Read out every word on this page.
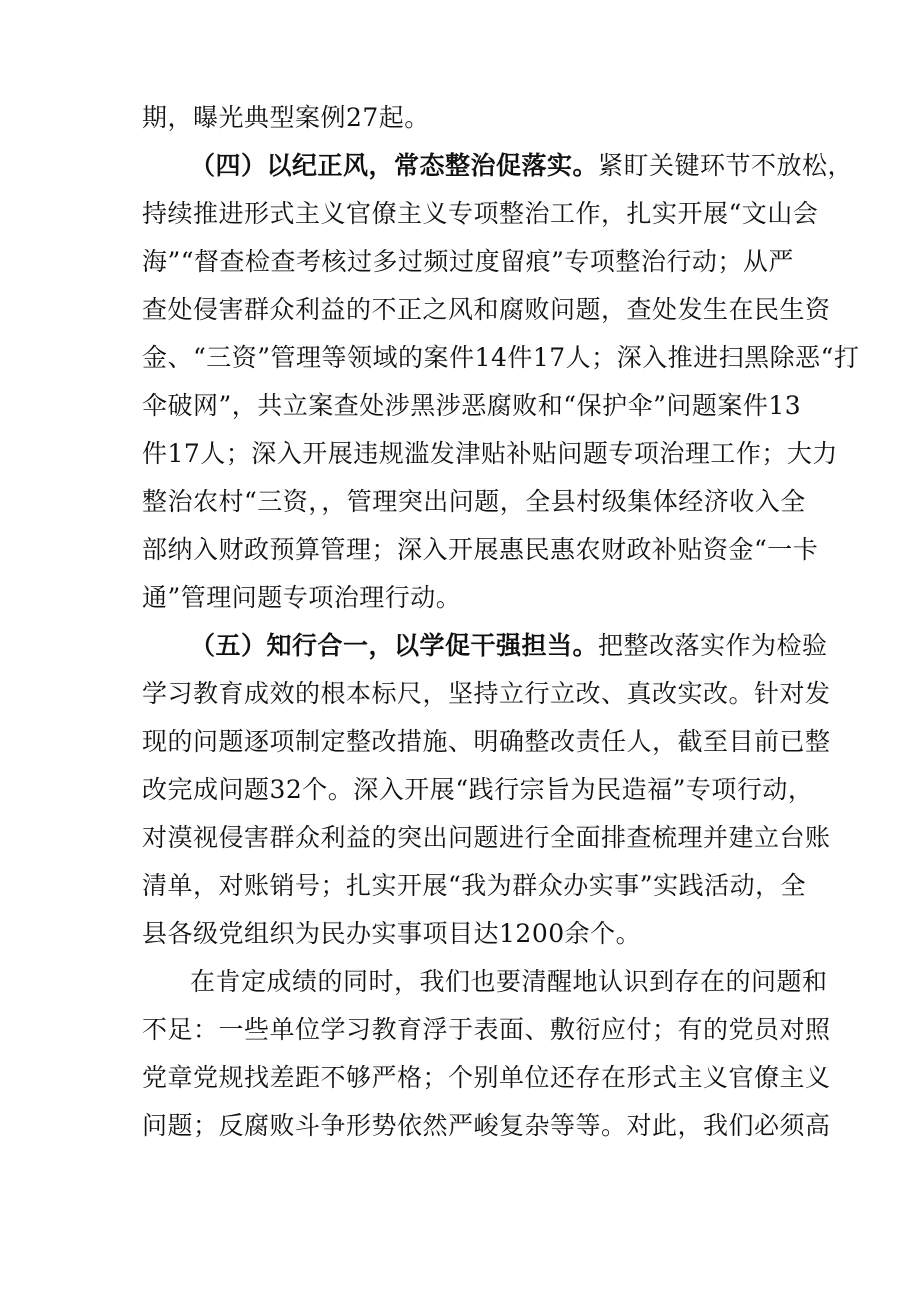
期，曝光典型案例27起。
（四）以纪正风，常态整治促落实。紧盯关键环节不放松，
持续推进形式主义官僚主义专项整治工作，扎实开展“文山会
海”“督查检查考核过多过频过度留痕”专项整治行动；从严
查处侵害群众利益的不正之风和腐败问题，查处发生在民生资
金、“三资”管理等领域的案件14件17人；深入推进扫黑除恶“打
伞破网”，共立案查处涉黑涉恶腐败和“保护伞”问题案件13
件17人；深入开展违规滥发津贴补贴问题专项治理工作；大力
整治农村“三资，，管理突出问题，全县村级集体经济收入全
部纳入财政预算管理；深入开展惠民惠农财政补贴资金“一卡
通”管理问题专项治理行动。
（五）知行合一，以学促干强担当。把整改落实作为检验
学习教育成效的根本标尺，坚持立行立改、真改实改。针对发
现的问题逐项制定整改措施、明确整改责任人，截至目前已整
改完成问题32个。深入开展“践行宗旨为民造福”专项行动，
对漠视侵害群众利益的突出问题进行全面排查梳理并建立台账
清单，对账销号；扎实开展“我为群众办实事”实践活动，全
县各级党组织为民办实事项目达1200余个。
在肯定成绩的同时，我们也要清醒地认识到存在的问题和
不足：一些单位学习教育浮于表面、敷衍应付；有的党员对照
党章党规找差距不够严格；个别单位还存在形式主义官僚主义
问题；反腐败斗争形势依然严峻复杂等等。对此，我们必须高
